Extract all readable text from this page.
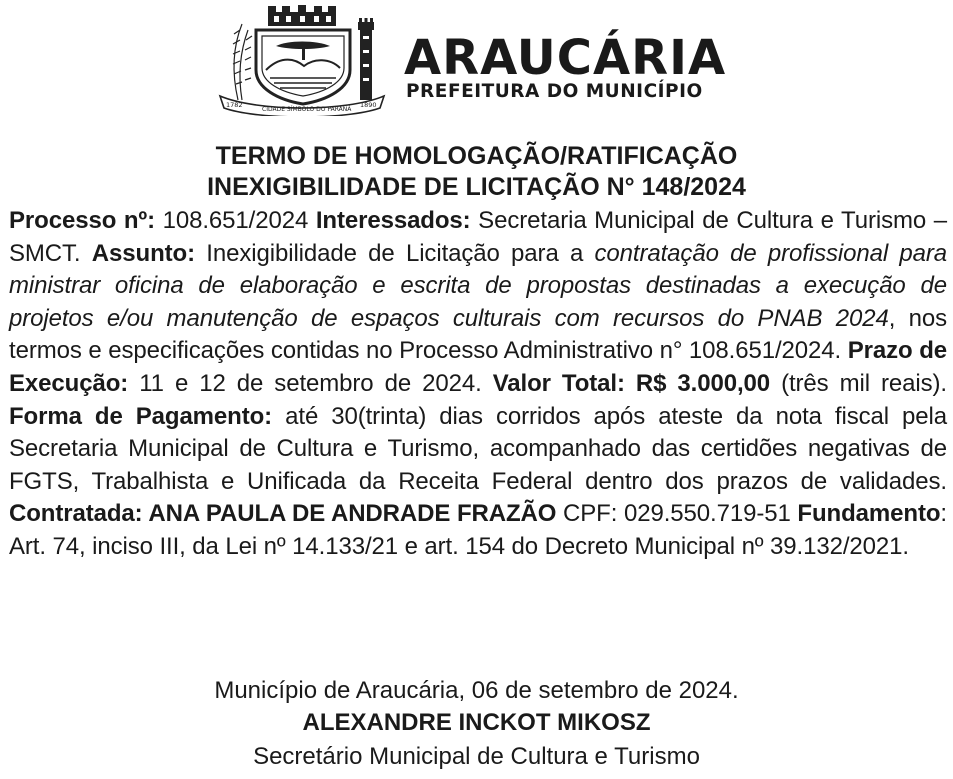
1782
CIDADE SÍMBOLO DO PARANÁ
1890
ARAUCÁRIA
PREFEITURA DO MUNICÍPIO
TERMO DE HOMOLOGAÇÃO/RATIFICAÇÃO
INEXIGIBILIDADE DE LICITAÇÃO N° 148/2024
Processo nº: 108.651/2024 Interessados: Secretaria Municipal de Cultura e Turismo – SMCT. Assunto: Inexigibilidade de Licitação para a contratação de profissional para ministrar oficina de elaboração e escrita de propostas destinadas a execução de projetos e/ou manutenção de espaços culturais com recursos do PNAB 2024, nos termos e especificações contidas no Processo Administrativo n° 108.651/2024. Prazo de Execução: 11 e 12 de setembro de 2024. Valor Total: R$ 3.000,00 (três mil reais). Forma de Pagamento: até 30(trinta) dias corridos após ateste da nota fiscal pela Secretaria Municipal de Cultura e Turismo, acompanhado das certidões negativas de FGTS, Trabalhista e Unificada da Receita Federal dentro dos prazos de validades. Contratada: ANA PAULA DE ANDRADE FRAZÃO CPF: 029.550.719-51 Fundamento: Art. 74, inciso III, da Lei nº 14.133/21 e art. 154 do Decreto Municipal nº 39.132/2021.
Município de Araucária, 06 de setembro de 2024.
ALEXANDRE INCKOT MIKOSZ
Secretário Municipal de Cultura e Turismo
